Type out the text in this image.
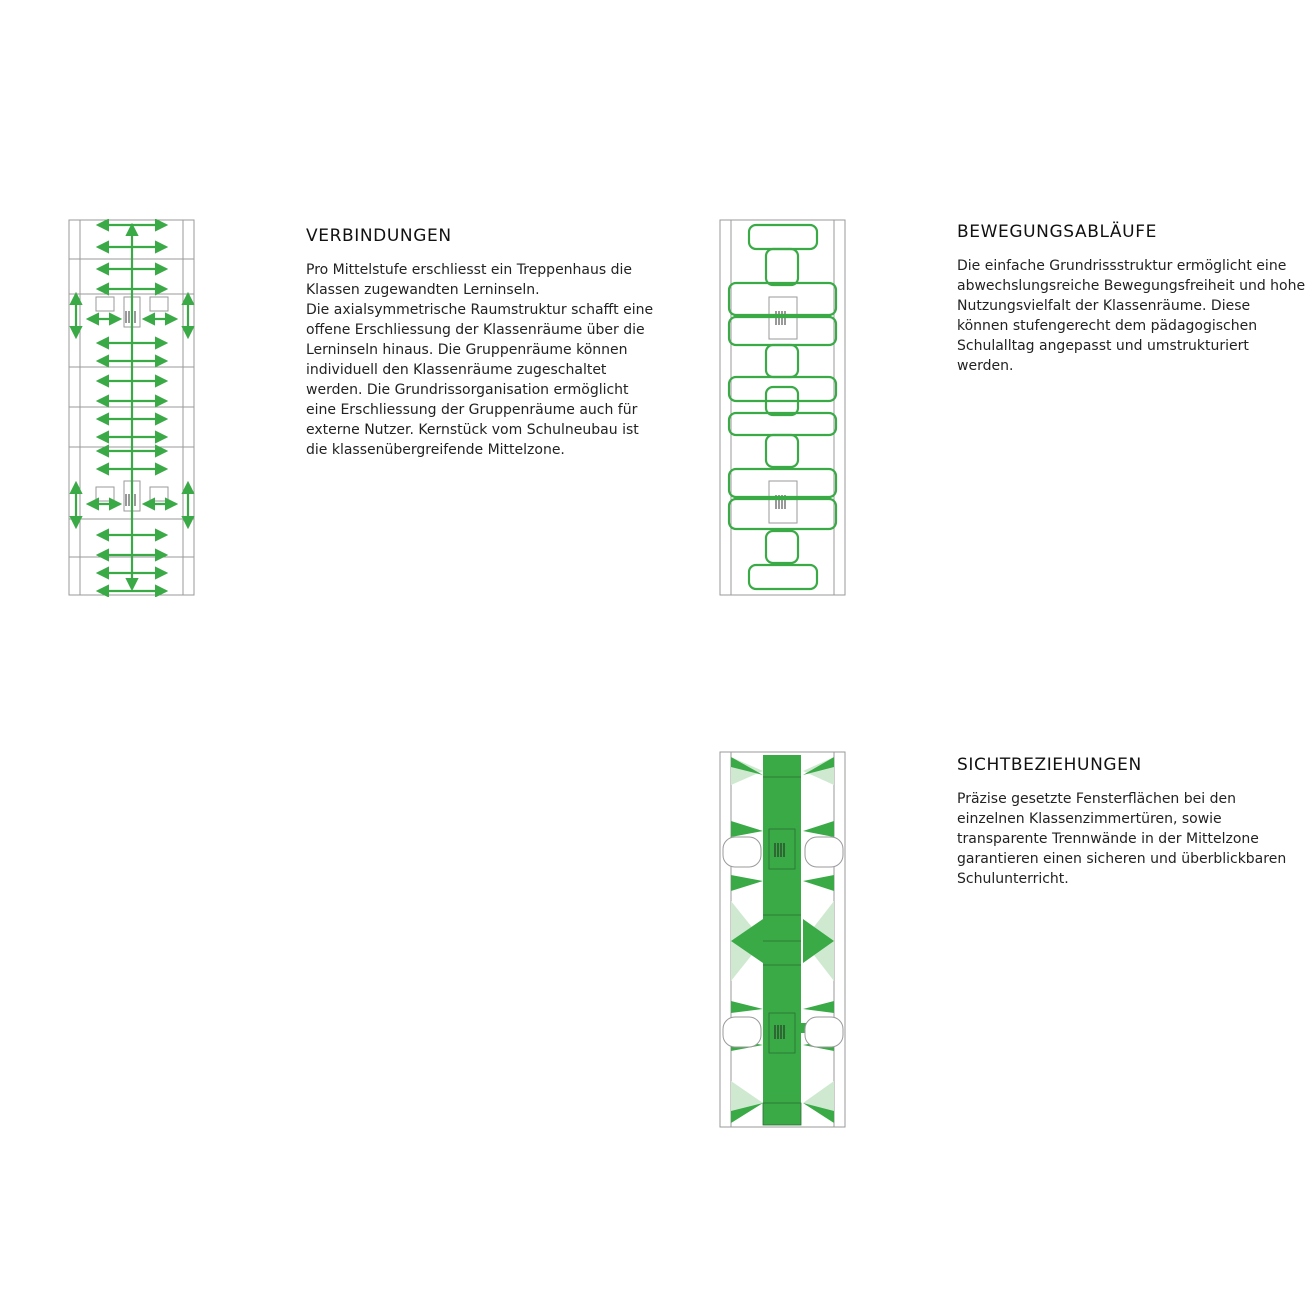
VERBINDUNGEN

Pro Mittelstufe erschliesst ein Treppenhaus die
Klassen zugewandten Lerninseln.
Die axialsymmetrische Raumstruktur schafft eine
offene Erschliessung der Klassenräume über die
Lerninseln hinaus. Die Gruppenräume können
individuell den Klassenräume zugeschaltet
werden. Die Grundrissorganisation ermöglicht
eine Erschliessung der Gruppenräume auch für
externe Nutzer. Kernstück vom Schulneubau ist
die klassenübergreifende Mittelzone.

BEWEGUNGSABLÄUFE

Die einfache Grundrissstruktur ermöglicht eine
abwechslungsreiche Bewegungsfreiheit und hohe
Nutzungsvielfalt der Klassenräume. Diese
können stufengerecht dem pädagogischen
Schulalltag angepasst und umstrukturiert
werden.

SICHTBEZIEHUNGEN

Präzise gesetzte Fensterflächen bei den
einzelnen Klassenzimmertüren, sowie
transparente Trennwände in der Mittelzone
garantieren einen sicheren und überblickbaren
Schulunterricht.
